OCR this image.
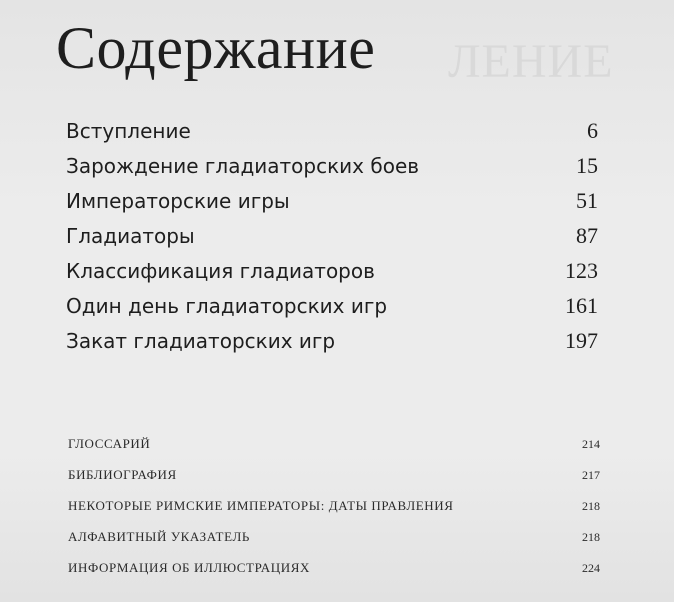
ЛЕНИЕ
Содержание
Вступление	6
Зарождение гладиаторских боев	15
Императорские игры	51
Гладиаторы	87
Классификация гладиаторов	123
Один день гладиаторских игр	161
Закат гладиаторских игр	197
ГЛОССАРИЙ	214
БИБЛИОГРАФИЯ	217
НЕКОТОРЫЕ РИМСКИЕ ИМПЕРАТОРЫ: ДАТЫ ПРАВЛЕНИЯ	218
АЛФАВИТНЫЙ УКАЗАТЕЛЬ	218
ИНФОРМАЦИЯ ОБ ИЛЛЮСТРАЦИЯХ	224
